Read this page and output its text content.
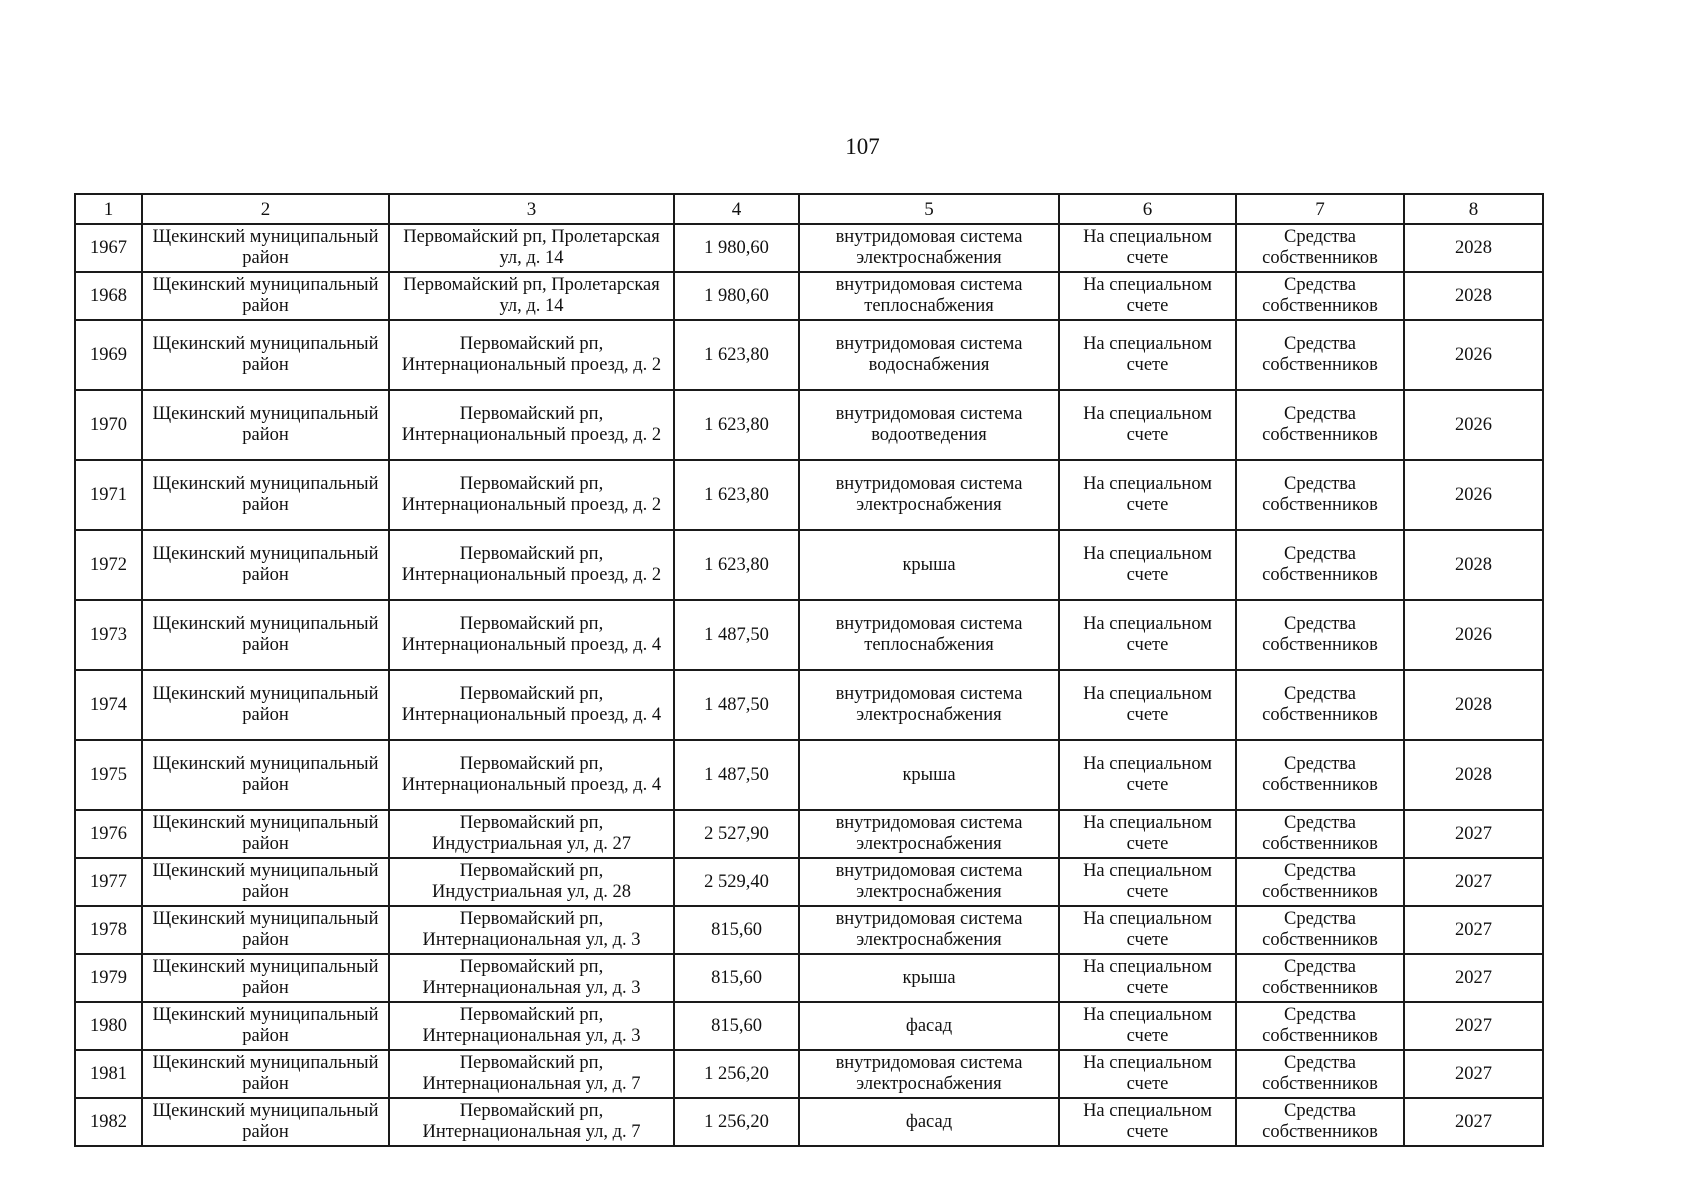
107
1	2	3	4	5	6	7	8
1967	Щекинский муниципальный район	Первомайский рп, Пролетарская ул, д. 14	1 980,60	внутридомовая система электроснабжения	На специальном счете	Средства собственников	2028
1968	Щекинский муниципальный район	Первомайский рп, Пролетарская ул, д. 14	1 980,60	внутридомовая система теплоснабжения	На специальном счете	Средства собственников	2028
1969	Щекинский муниципальный район	Первомайский рп, Интернациональный проезд, д. 2	1 623,80	внутридомовая система водоснабжения	На специальном счете	Средства собственников	2026
1970	Щекинский муниципальный район	Первомайский рп, Интернациональный проезд, д. 2	1 623,80	внутридомовая система водоотведения	На специальном счете	Средства собственников	2026
1971	Щекинский муниципальный район	Первомайский рп, Интернациональный проезд, д. 2	1 623,80	внутридомовая система электроснабжения	На специальном счете	Средства собственников	2026
1972	Щекинский муниципальный район	Первомайский рп, Интернациональный проезд, д. 2	1 623,80	крыша	На специальном счете	Средства собственников	2028
1973	Щекинский муниципальный район	Первомайский рп, Интернациональный проезд, д. 4	1 487,50	внутридомовая система теплоснабжения	На специальном счете	Средства собственников	2026
1974	Щекинский муниципальный район	Первомайский рп, Интернациональный проезд, д. 4	1 487,50	внутридомовая система электроснабжения	На специальном счете	Средства собственников	2028
1975	Щекинский муниципальный район	Первомайский рп, Интернациональный проезд, д. 4	1 487,50	крыша	На специальном счете	Средства собственников	2028
1976	Щекинский муниципальный район	Первомайский рп, Индустриальная ул, д. 27	2 527,90	внутридомовая система электроснабжения	На специальном счете	Средства собственников	2027
1977	Щекинский муниципальный район	Первомайский рп, Индустриальная ул, д. 28	2 529,40	внутридомовая система электроснабжения	На специальном счете	Средства собственников	2027
1978	Щекинский муниципальный район	Первомайский рп, Интернациональная ул, д. 3	815,60	внутридомовая система электроснабжения	На специальном счете	Средства собственников	2027
1979	Щекинский муниципальный район	Первомайский рп, Интернациональная ул, д. 3	815,60	крыша	На специальном счете	Средства собственников	2027
1980	Щекинский муниципальный район	Первомайский рп, Интернациональная ул, д. 3	815,60	фасад	На специальном счете	Средства собственников	2027
1981	Щекинский муниципальный район	Первомайский рп, Интернациональная ул, д. 7	1 256,20	внутридомовая система электроснабжения	На специальном счете	Средства собственников	2027
1982	Щекинский муниципальный район	Первомайский рп, Интернациональная ул, д. 7	1 256,20	фасад	На специальном счете	Средства собственников	2027
